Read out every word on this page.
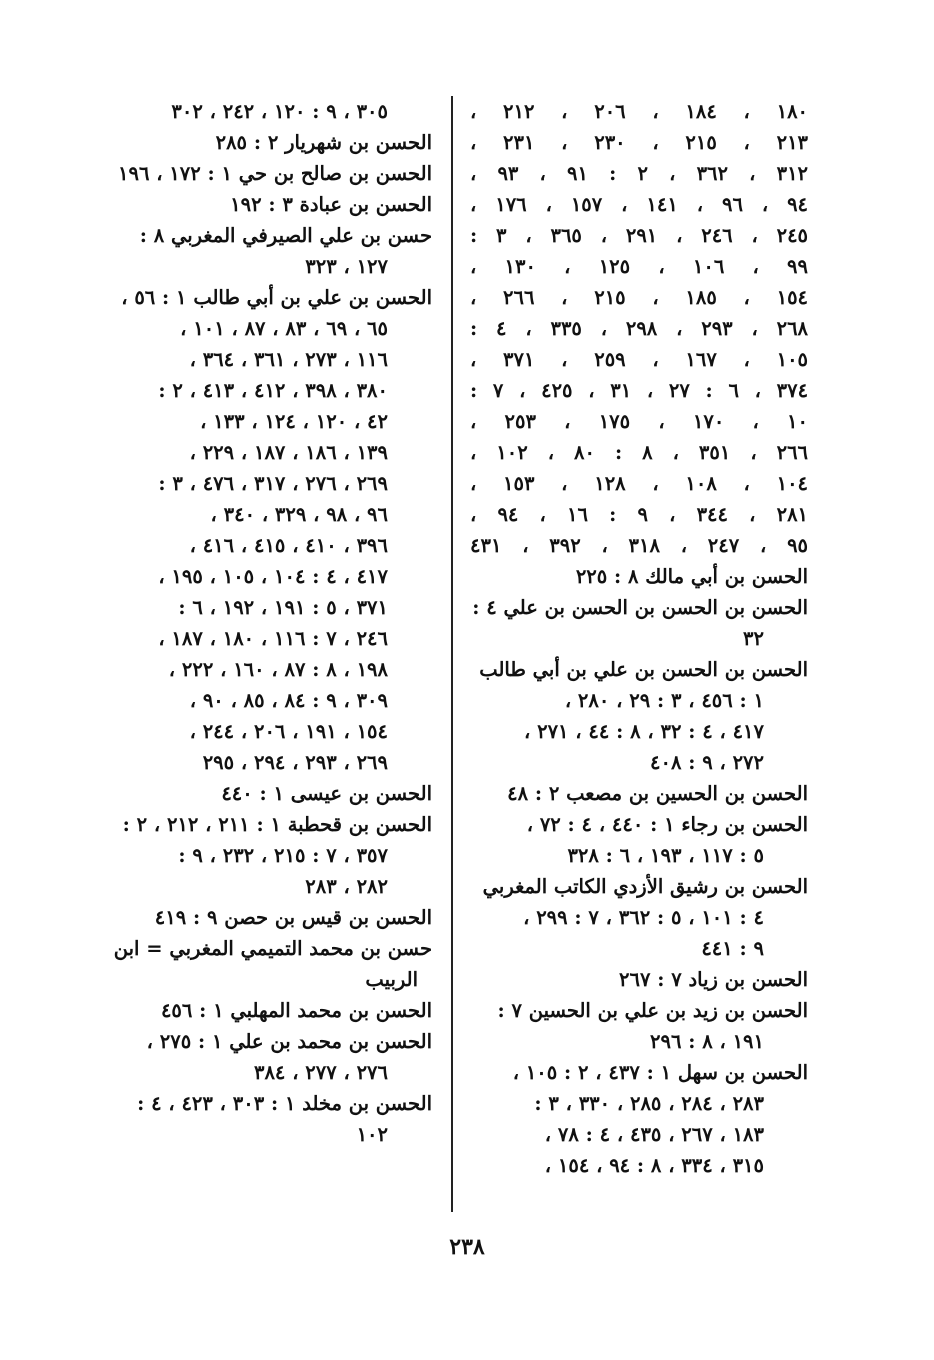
١٨٠ ، ١٨٤ ، ٢٠٦ ، ٢١٢ ،
٢١٣ ، ٢١٥ ، ٢٣٠ ، ٢٣١ ،
٣١٢ ، ٣٦٢ ، ٢ : ٩١ ، ٩٣ ،
٩٤ ، ٩٦ ، ١٤١ ، ١٥٧ ، ١٧٦ ،
٢٤٥ ، ٢٤٦ ، ٢٩١ ، ٣٦٥ ، ٣ :
٩٩ ، ١٠٦ ، ١٢٥ ، ١٣٠ ،
١٥٤ ، ١٨٥ ، ٢١٥ ، ٢٦٦ ،
٢٦٨ ، ٢٩٣ ، ٢٩٨ ، ٣٣٥ ، ٤ :
١٠٥ ، ١٦٧ ، ٢٥٩ ، ٣٧١ ،
٣٧٤ ، ٦ : ٢٧ ، ٣١ ، ٤٢٥ ، ٧ :
١٠ ، ١٧٠ ، ١٧٥ ، ٢٥٣ ،
٢٦٦ ، ٣٥١ ، ٨ : ٨٠ ، ١٠٢ ،
١٠٤ ، ١٠٨ ، ١٢٨ ، ١٥٣ ،
٢٨١ ، ٣٤٤ ، ٩ : ١٦ ، ٩٤ ،
٩٥ ، ٢٤٧ ، ٣١٨ ، ٣٩٢ ، ٤٣١
الحسن بن أبي مالك ٨ : ٢٢٥
الحسن بن الحسن بن الحسن بن علي ٤ :
٣٢
الحسن بن الحسن بن علي بن أبي طالب
١ : ٤٥٦ ، ٣ : ٢٩ ، ٢٨٠ ،
٤١٧ ، ٤ : ٣٢ ، ٨ : ٤٤ ، ٢٧١ ،
٢٧٢ ، ٩ : ٤٠٨
الحسن بن الحسين بن مصعب ٢ : ٤٨
الحسن بن رجاء ١ : ٤٤٠ ، ٤ : ٧٢ ،
٥ : ١١٧ ، ١٩٣ ، ٦ : ٣٢٨
الحسن بن رشيق الأزدي الكاتب المغربي
٤ : ١٠١ ، ٥ : ٣٦٢ ، ٧ : ٢٩٩ ،
٩ : ٤٤١
الحسن بن زياد ٧ : ٢٦٧
الحسن بن زيد بن علي بن الحسين ٧ :
١٩١ ، ٨ : ٢٩٦
الحسن بن سهل ١ : ٤٣٧ ، ٢ : ١٠٥ ،
٢٨٣ ، ٢٨٤ ، ٢٨٥ ، ٣٣٠ ، ٣ :
١٨٣ ، ٢٦٧ ، ٤٣٥ ، ٤ : ٧٨ ،
٣١٥ ، ٣٣٤ ، ٨ : ٩٤ ، ١٥٤ ،
٣٠٥ ، ٩ : ١٢٠ ، ٢٤٢ ، ٣٠٢
الحسن بن شهريار ٢ : ٢٨٥
الحسن بن صالح بن حي ١ : ١٧٢ ، ١٩٦
الحسن بن عبادة ٣ : ١٩٢
حسن بن علي الصيرفي المغربي ٨ :
١٢٧ ، ٣٢٣
الحسن بن علي بن أبي طالب ١ : ٥٦ ،
٦٥ ، ٦٩ ، ٨٣ ، ٨٧ ، ١٠١ ،
١١٦ ، ٢٧٣ ، ٣٦١ ، ٣٦٤ ،
٣٨٠ ، ٣٩٨ ، ٤١٢ ، ٤١٣ ، ٢ :
٤٢ ، ١٢٠ ، ١٢٤ ، ١٣٣ ،
١٣٩ ، ١٨٦ ، ١٨٧ ، ٢٢٩ ،
٢٦٩ ، ٢٧٦ ، ٣١٧ ، ٤٧٦ ، ٣ :
٩٦ ، ٩٨ ، ٣٢٩ ، ٣٤٠ ،
٣٩٦ ، ٤١٠ ، ٤١٥ ، ٤١٦ ،
٤١٧ ، ٤ : ١٠٤ ، ١٠٥ ، ١٩٥ ،
٣٧١ ، ٥ : ١٩١ ، ١٩٢ ، ٦ :
٢٤٦ ، ٧ : ١١٦ ، ١٨٠ ، ١٨٧ ،
١٩٨ ، ٨ : ٨٧ ، ١٦٠ ، ٢٢٢ ،
٣٠٩ ، ٩ : ٨٤ ، ٨٥ ، ٩٠ ،
١٥٤ ، ١٩١ ، ٢٠٦ ، ٢٤٤ ،
٢٦٩ ، ٢٩٣ ، ٢٩٤ ، ٢٩٥
الحسن بن عيسى ١ : ٤٤٠
الحسن بن قحطبة ١ : ٢١١ ، ٢١٢ ، ٢ :
٣٥٧ ، ٧ : ٢١٥ ، ٢٣٢ ، ٩ :
٢٨٢ ، ٢٨٣
الحسن بن قيس بن حصن ٩ : ٤١٩
حسن بن محمد التميمي المغربي = ابن
الربيب
الحسن بن محمد المهلبي ١ : ٤٥٦
الحسن بن محمد بن علي ١ : ٢٧٥ ،
٢٧٦ ، ٢٧٧ ، ٣٨٤
الحسن بن مخلد ١ : ٣٠٣ ، ٤٢٣ ، ٤ :
١٠٢
٢٣٨
